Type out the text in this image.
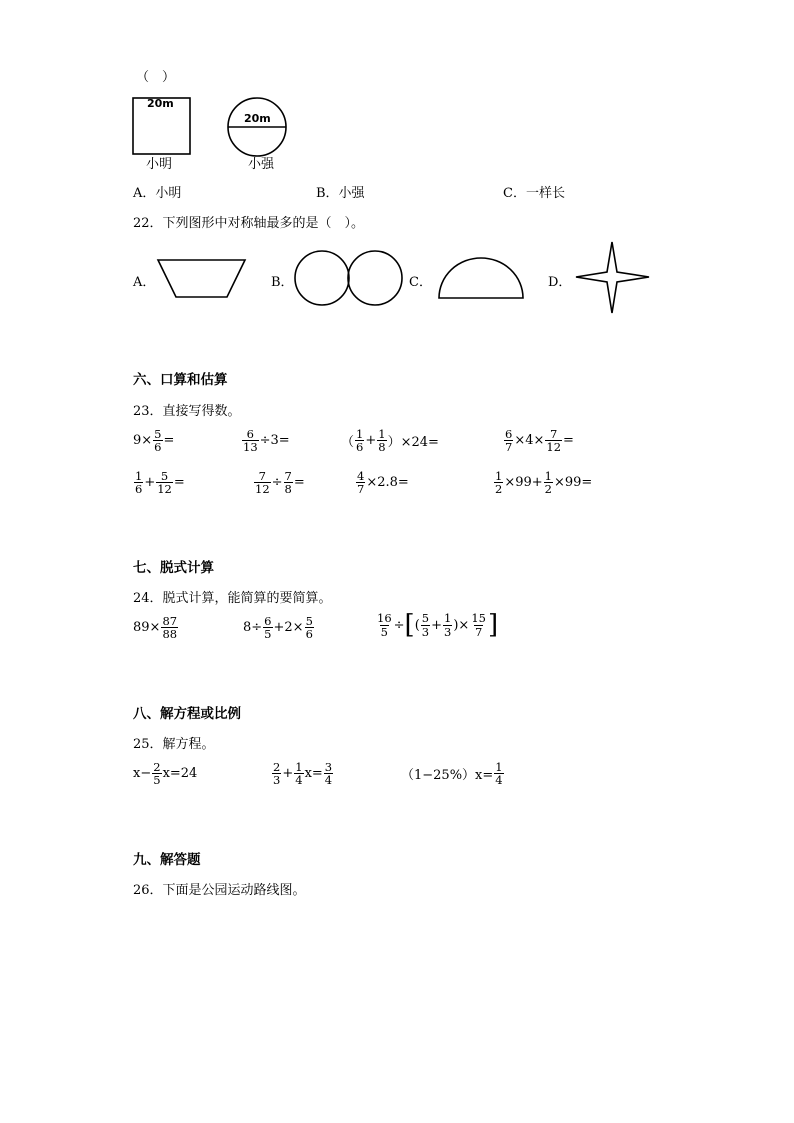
（　）
20m
小明
20m
小强
A．小明	B．小强	C．一样长
22．下列图形中对称轴最多的是（　）。
A．	B．	C．	D．
六、口算和估算
23．直接写得数。
$9\times \frac{5}{6}$ =	$\frac{6}{13} \div 3=$	（ $\frac{1}{6} + \frac{1}{8} )\times 24=$	$\frac{6}{7} \times 4\times \frac{7}{12}$ =
$\frac{1}{6} + \frac{5}{12}$ =	$\frac{7}{12} \div \frac{7}{8}$ =	$\frac{4}{7} \times 2.8=$	$\frac{1}{2} \times 99+ \frac{1}{2} \times 99=$
七、脱式计算
24．脱式计算，能简算的要简算。
$89\times \frac{87}{88}$	$8\div \frac{6}{5} +2\times \frac{5}{6}$	$\frac{16}{5}$ ÷ [ ( $\frac{5}{3} + \frac{1}{3}$ )× $\frac{15}{7}$ ]
八、解方程或比例
25．解方程。
$x- \frac{2}{5} x=24$	$\frac{2}{3} + \frac{1}{4} x= \frac{3}{4}$	$(1-25\%)x= \frac{1}{4}$
九、解答题
26．下面是公园运动路线图。
